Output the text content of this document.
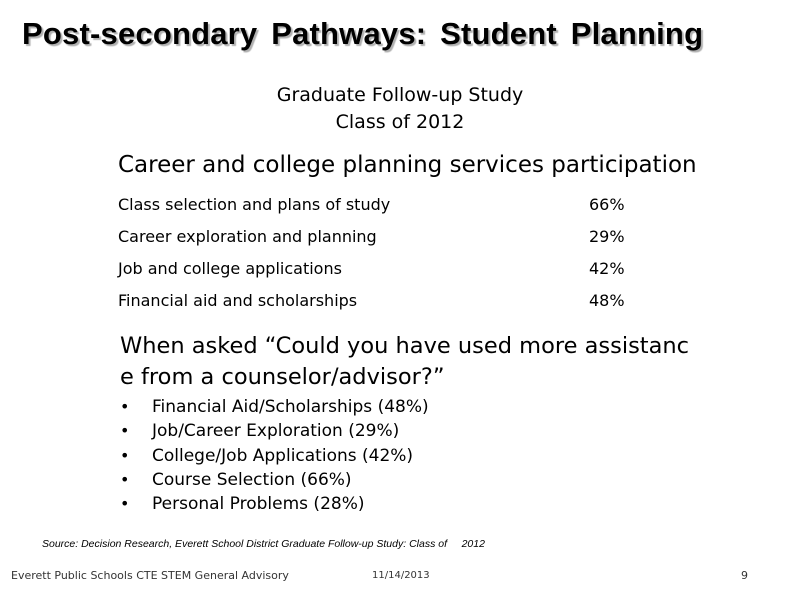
Post-secondary Pathways: Student Planning
Graduate Follow-up Study
Class of 2012
Career and college planning services participation
Class selection and plans of study	66%
Career exploration and planning	29%
Job and college applications	42%
Financial aid and scholarships	48%
When asked “Could you have used more assistanc
e from a counselor/advisor?”
• Financial Aid/Scholarships (48%)
• Job/Career Exploration (29%)
• College/Job Applications (42%)
• Course Selection (66%)
• Personal Problems (28%)
Source: Decision Research, Everett School District Graduate Follow-up Study: Class of     2012
Everett Public Schools CTE STEM General Advisory	11/14/2013	9
